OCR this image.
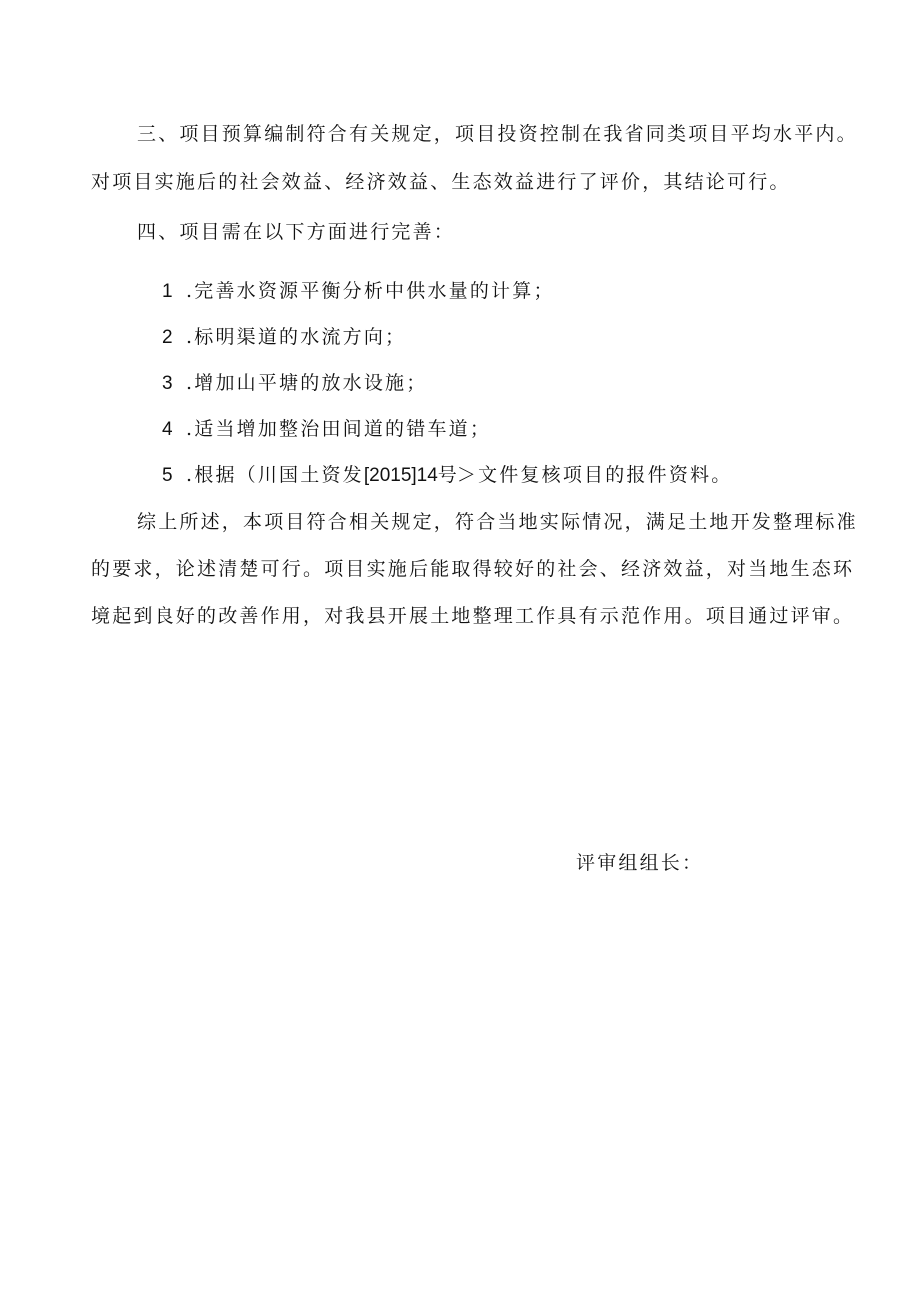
三、项目预算编制符合有关规定，项目投资控制在我省同类项目平均水平内。
对项目实施后的社会效益、经济效益、生态效益进行了评价，其结论可行。
四、项目需在以下方面进行完善：
1 .完善水资源平衡分析中供水量的计算；
2 .标明渠道的水流方向；
3 .增加山平塘的放水设施；
4 .适当增加整治田间道的错车道；
5 .根据（川国土资发[2015]14号＞文件复核项目的报件资料。
综上所述，本项目符合相关规定，符合当地实际情况，满足土地开发整理标准
的要求，论述清楚可行。项目实施后能取得较好的社会、经济效益，对当地生态环
境起到良好的改善作用，对我县开展土地整理工作具有示范作用。项目通过评审。
评审组组长：
